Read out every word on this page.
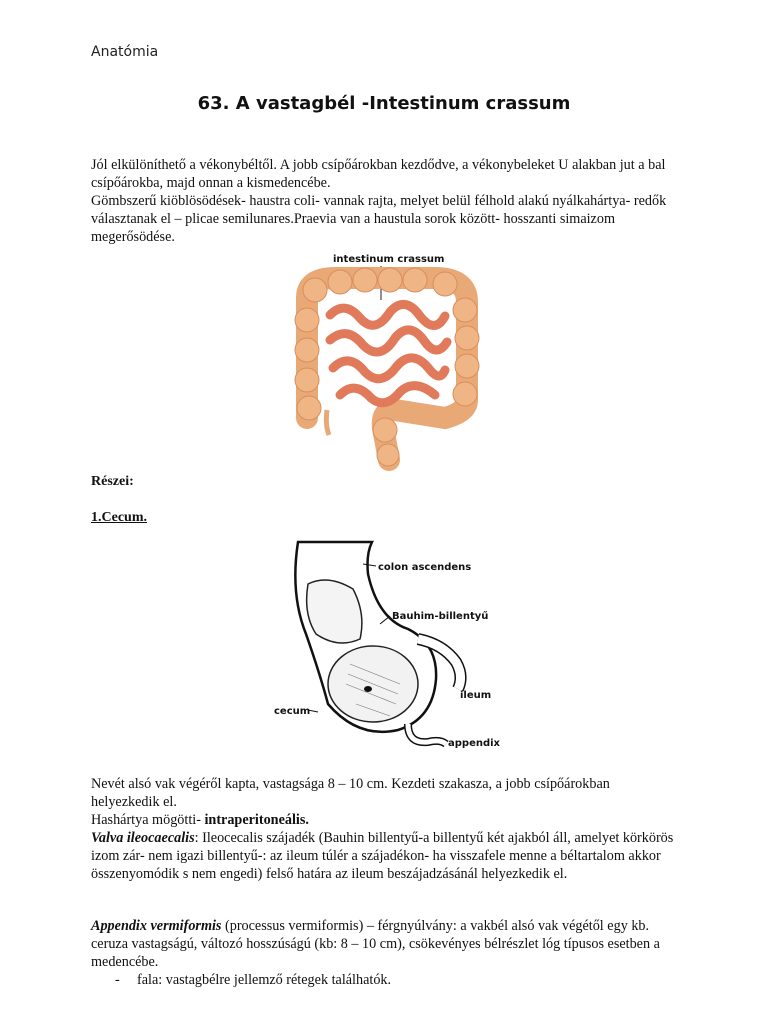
Anatómia
63. A vastagbél -Intestinum crassum
Jól elkülöníthető a vékonybéltől. A jobb csípőárokban kezdődve, a vékonybeleket U alakban jut a bal csípőárokba, majd onnan a kismedencébe.
Gömbszerű kiöblösödések- haustra coli- vannak rajta, melyet belül félhold alakú nyálkahártya- redők választanak el – plicae semilunares.Praevia van a haustula sorok között- hosszanti simaizom megerősödése.
intestinum crassum
Részei:
1.Cecum.
colon ascendens
Bauhim-billentyű
ileum
cecum
appendix
Nevét alsó vak végéről kapta, vastagsága 8 – 10 cm. Kezdeti szakasza, a jobb csípőárokban helyezkedik el.
Hashártya mögötti- intraperitoneális.
Valva ileocaecalis: Ileocecalis szájadék (Bauhin billentyű-a billentyű két ajakból áll, amelyet körkörös izom zár- nem igazi billentyű-: az ileum túlér a szájadékon- ha visszafele menne a béltartalom akkor összenyomódik s nem engedi) felső határa az ileum beszájadzásánál helyezkedik el.
Appendix vermiformis (processus vermiformis) – férgnyúlvány: a vakbél alsó vak végétől egy kb. ceruza vastagságú, változó hosszúságú (kb: 8 – 10 cm), csökevényes bélrészlet lóg típusos esetben a medencébe.
- fala: vastagbélre jellemző rétegek találhatók.
